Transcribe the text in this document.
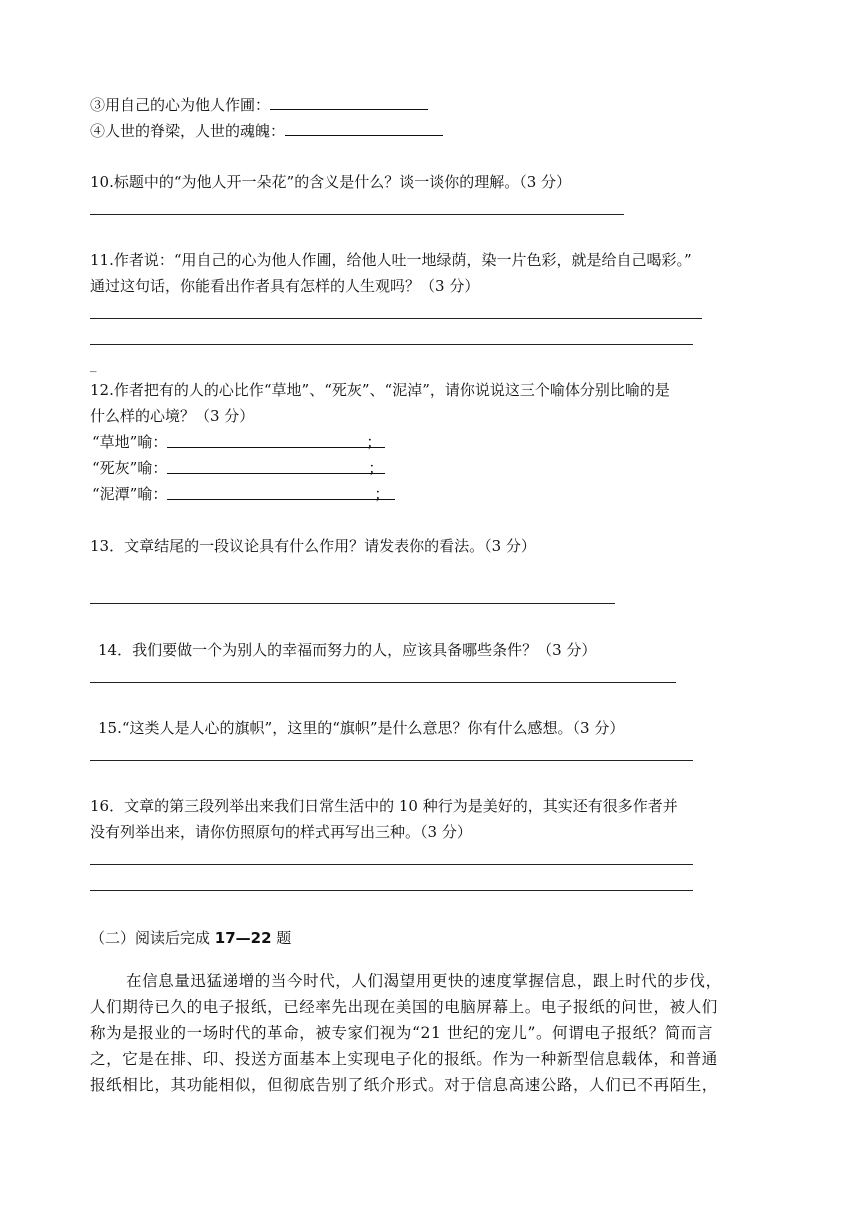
③用自己的心为他人作圃：
④人世的脊梁，人世的魂魄：
10.标题中的“为他人开一朵花”的含义是什么？谈一谈你的理解。（3 分）
11.作者说：“用自己的心为他人作圃，给他人吐一地绿荫，染一片色彩，就是给自己喝彩。”
通过这句话，你能看出作者具有怎样的人生观吗？（3 分）
_
12.作者把有的人的心比作“草地”、“死灰”、“泥淖”，请你说说这三个喻体分别比喻的是
什么样的心境？（3 分）
“草地”喻：	；
“死灰”喻：	；
“泥潭”喻：	；
13．文章结尾的一段议论具有什么作用？请发表你的看法。（3 分）
14．我们要做一个为别人的幸福而努力的人，应该具备哪些条件？（3 分）
15.“这类人是人心的旗帜”，这里的“旗帜”是什么意思？你有什么感想。（3 分）
16．文章的第三段列举出来我们日常生活中的 10 种行为是美好的，其实还有很多作者并
没有列举出来，请你仿照原句的样式再写出三种。（3 分）
（二）阅读后完成 17—22 题
在信息量迅猛递增的当今时代，人们渴望用更快的速度掌握信息，跟上时代的步伐，
人们期待已久的电子报纸，已经率先出现在美国的电脑屏幕上。电子报纸的问世，被人们
称为是报业的一场时代的革命，被专家们视为“21 世纪的宠儿”。何谓电子报纸？简而言
之，它是在排、印、投送方面基本上实现电子化的报纸。作为一种新型信息载体，和普通
报纸相比，其功能相似，但彻底告别了纸介形式。对于信息高速公路，人们已不再陌生，
